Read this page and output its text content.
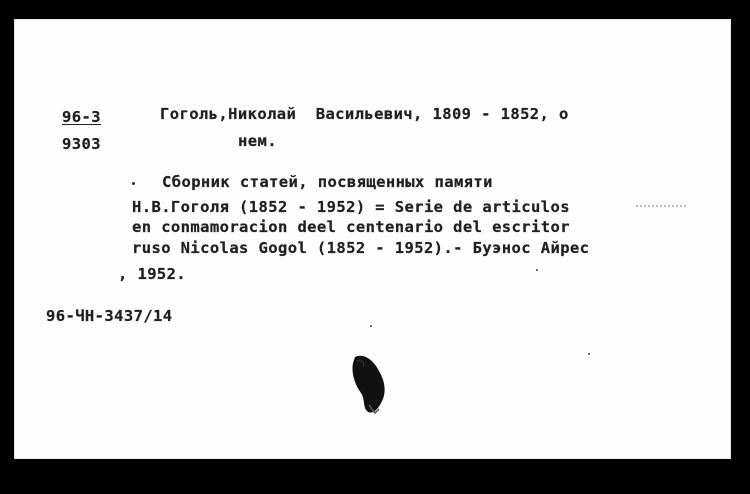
96-3
9303
Гоголь,Николай  Васильевич, 1809 - 1852, о
нем.
Сборник статей, посвященных памяти
Н.В.Гоголя (1852 - 1952) = Serie de articulos
en conmamoracion deel centenario del escritor
ruso Nicolas Gogol (1852 - 1952).- Буэнос Айрес
, 1952.
96-ЧН-3437/14
